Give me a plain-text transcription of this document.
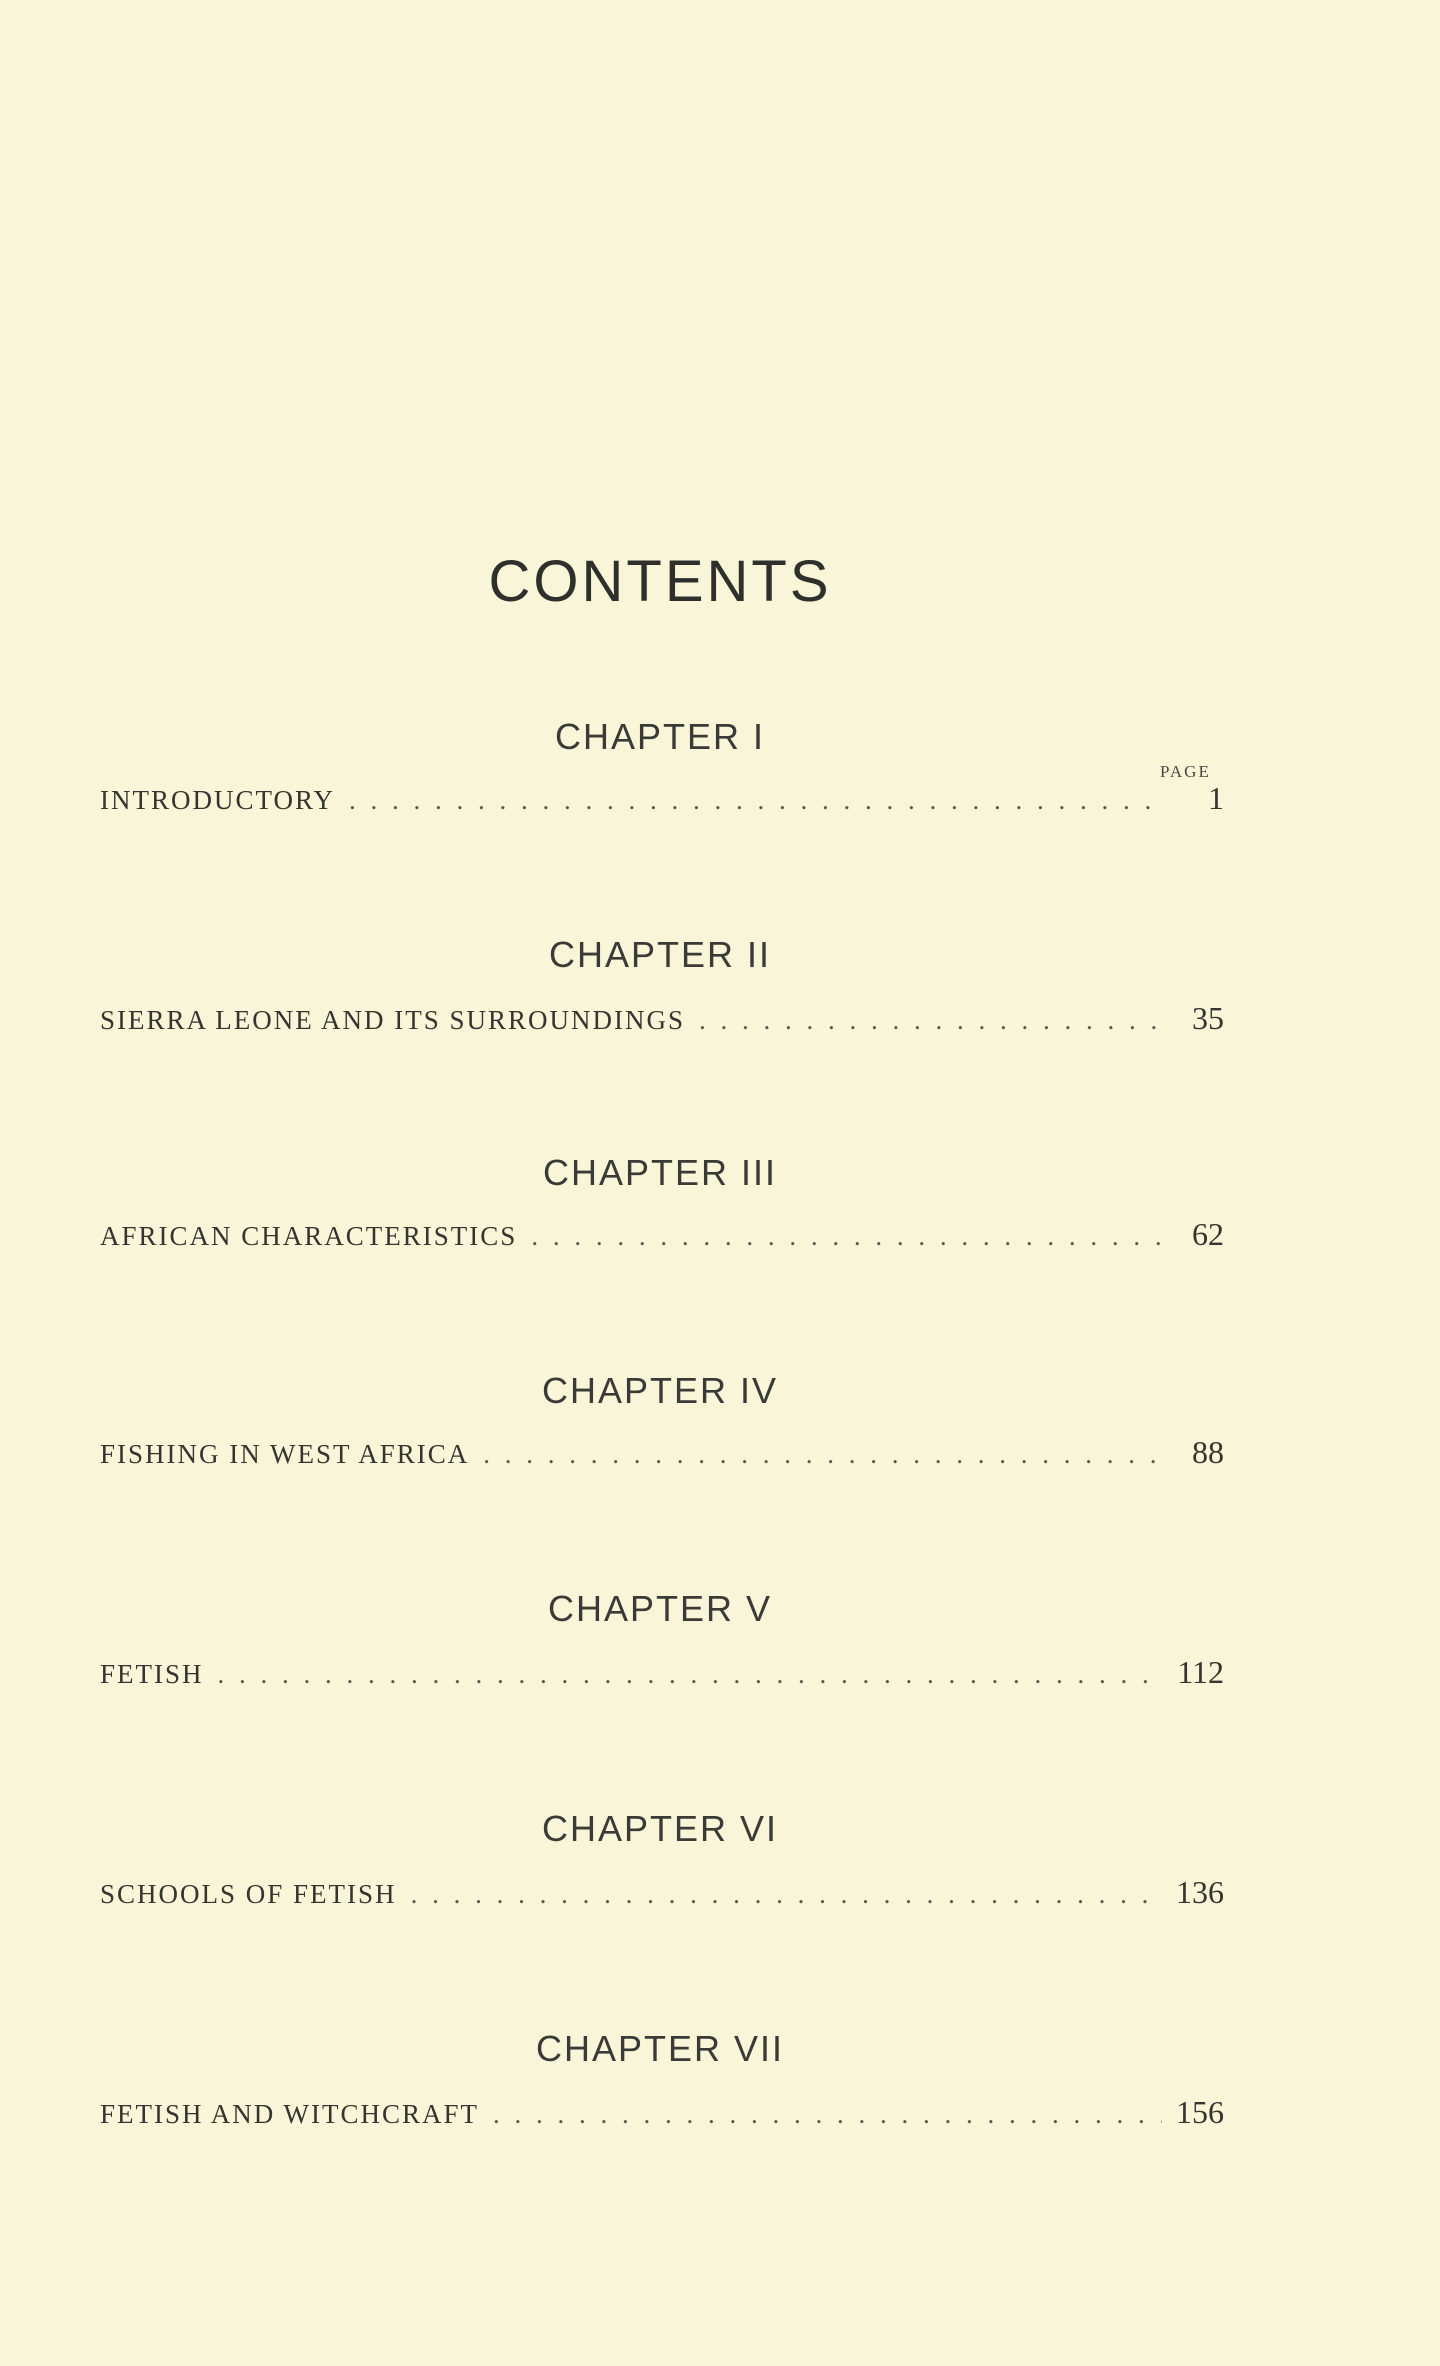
CONTENTS
CHAPTER I
PAGE
INTRODUCTORY . . .	1
CHAPTER II
SIERRA LEONE AND ITS SURROUNDINGS . . .	35
CHAPTER III
AFRICAN CHARACTERISTICS . . .	62
CHAPTER IV
FISHING IN WEST AFRICA . . .	88
CHAPTER V
FETISH . . .	112
CHAPTER VI
SCHOOLS OF FETISH . . .	136
CHAPTER VII
FETISH AND WITCHCRAFT . . .	156
